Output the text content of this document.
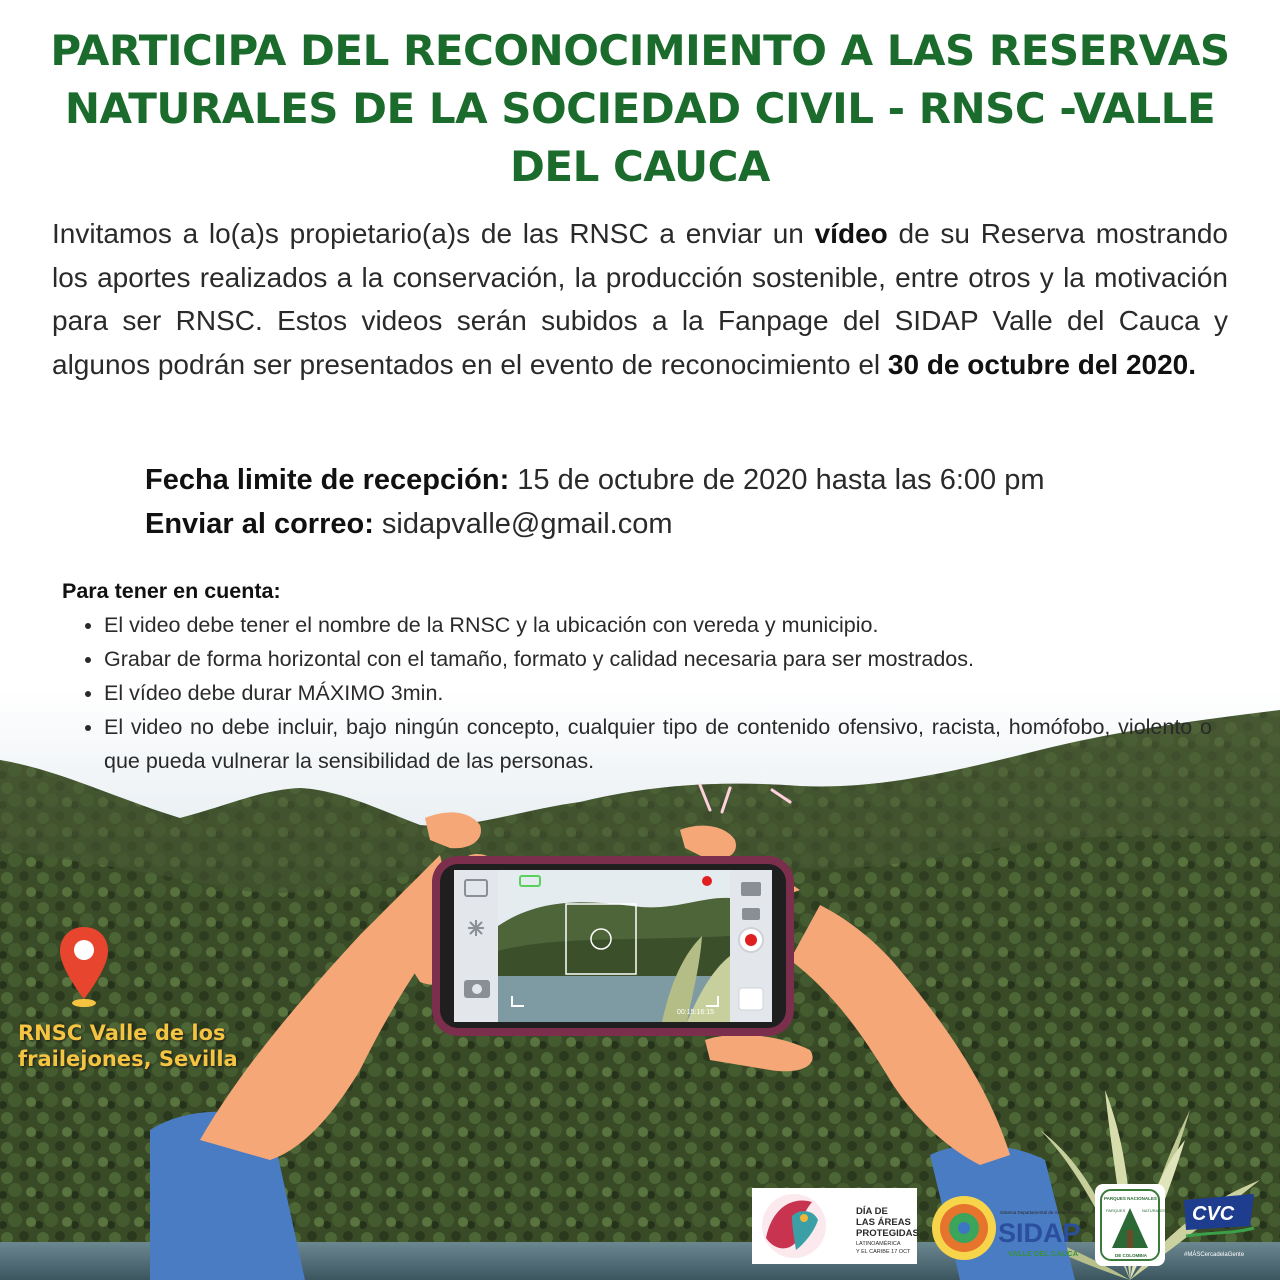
PARTICIPA DEL RECONOCIMIENTO A LAS RESERVAS
NATURALES DE LA SOCIEDAD CIVIL - RNSC -VALLE
DEL CAUCA

Invitamos a lo(a)s propietario(a)s de las RNSC a enviar un vídeo de su Reserva mostrando los aportes realizados a la conservación, la producción sostenible, entre otros y la motivación para ser RNSC. Estos videos serán subidos a la Fanpage del SIDAP Valle del Cauca y algunos podrán ser presentados en el evento de reconocimiento el 30 de octubre del 2020.

Fecha limite de recepción: 15 de octubre de 2020 hasta las 6:00 pm
Enviar al correo: sidapvalle@gmail.com
00:15:16:15
Para tener en cuenta:
• El video debe tener el nombre de la RNSC y la ubicación con vereda y municipio.
• Grabar de forma horizontal con el tamaño, formato y calidad necesaria para ser mostrados.
• El vídeo debe durar MÁXIMO 3min.
• El video no debe incluir, bajo ningún concepto, cualquier tipo de contenido ofensivo, racista, homófobo, violento o que pueda vulnerar la sensibilidad de las personas.
RNSC Valle de los
frailejones, Sevilla
DÍA DE
LAS ÁREAS
PROTEGIDAS
LATINOAMÉRICA
Y EL CARIBE 17 OCT
Sistema Departamental de Áreas Protegidas
SIDAP
VALLE DEL CAUCA
PARQUES NACIONALES
DE COLOMBIA
PARQUES	NATURALES CVC
#MÁSCercadelaGente
